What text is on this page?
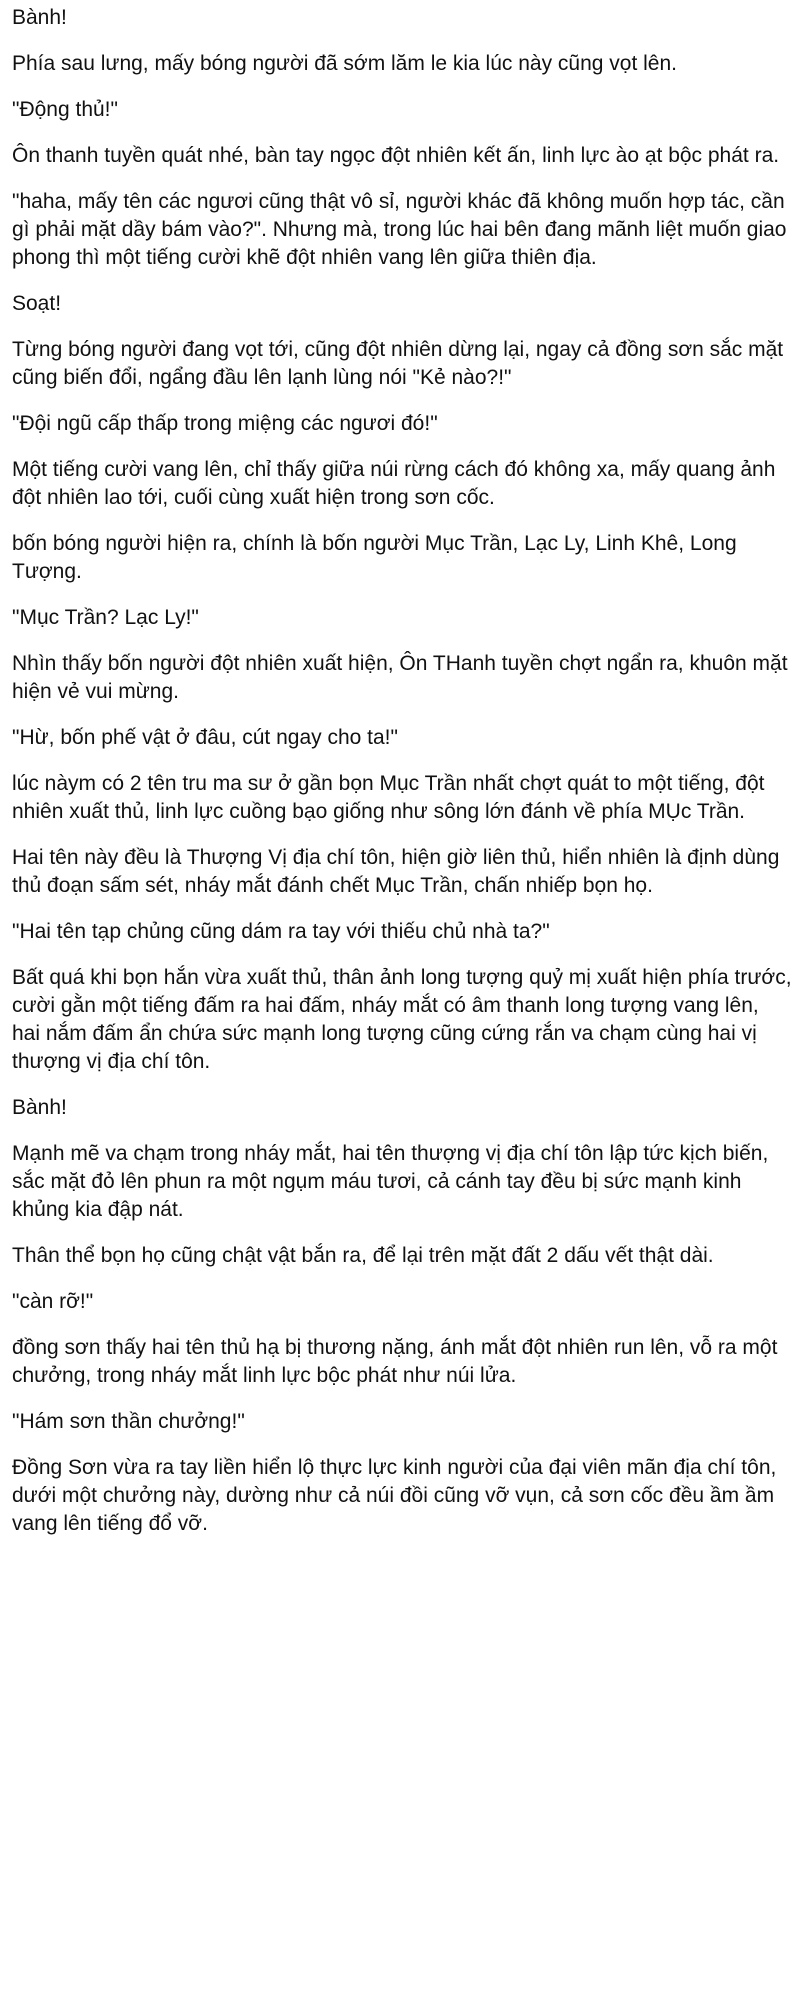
Bành!

Phía sau lưng, mấy bóng người đã sớm lăm le kia lúc này cũng vọt lên.

"Động thủ!"

Ôn thanh tuyền quát nhé, bàn tay ngọc đột nhiên kết ấn, linh lực ào ạt bộc phát ra.

"haha, mấy tên các ngươi cũng thật vô sỉ, người khác đã không muốn hợp tác, cần gì phải mặt dầy bám vào?". Nhưng mà, trong lúc hai bên đang mãnh liệt muốn giao phong thì một tiếng cười khẽ đột nhiên vang lên giữa thiên địa.

Soạt!

Từng bóng người đang vọt tới, cũng đột nhiên dừng lại, ngay cả đồng sơn sắc mặt cũng biến đổi, ngẩng đầu lên lạnh lùng nói "Kẻ nào?!"

"Đội ngũ cấp thấp trong miệng các ngươi đó!"

Một tiếng cười vang lên, chỉ thấy giữa núi rừng cách đó không xa, mấy quang ảnh đột nhiên lao tới, cuối cùng xuất hiện trong sơn cốc.

bốn bóng người hiện ra, chính là bốn người Mục Trần, Lạc Ly, Linh Khê, Long Tượng.

"Mục Trần? Lạc Ly!"

Nhìn thấy bốn người đột nhiên xuất hiện, Ôn THanh tuyền chợt ngẩn ra, khuôn mặt hiện vẻ vui mừng.

"Hừ, bốn phế vật ở đâu, cút ngay cho ta!"

lúc nàym có 2 tên tru ma sư ở gần bọn Mục Trần nhất chợt quát to một tiếng, đột nhiên xuất thủ, linh lực cuồng bạo giống như sông lớn đánh về phía MỤc Trần.

Hai tên này đều là Thượng Vị địa chí tôn, hiện giờ liên thủ, hiển nhiên là định dùng thủ đoạn sấm sét, nháy mắt đánh chết Mục Trần, chấn nhiếp bọn họ.

"Hai tên tạp chủng cũng dám ra tay với thiếu chủ nhà ta?"

Bất quá khi bọn hắn vừa xuất thủ, thân ảnh long tượng quỷ mị xuất hiện phía trước, cười gằn một tiếng đấm ra hai đấm, nháy mắt có âm thanh long tượng vang lên, hai nắm đấm ẩn chứa sức mạnh long tượng cũng cứng rắn va chạm cùng hai vị thượng vị địa chí tôn.

Bành!

Mạnh mẽ va chạm trong nháy mắt, hai tên thượng vị địa chí tôn lập tức kịch biến, sắc mặt đỏ lên phun ra một ngụm máu tươi, cả cánh tay đều bị sức mạnh kinh khủng kia đập nát.

Thân thể bọn họ cũng chật vật bắn ra, để lại trên mặt đất 2 dấu vết thật dài.

"càn rỡ!"

đồng sơn thấy hai tên thủ hạ bị thương nặng, ánh mắt đột nhiên run lên, vỗ ra một chưởng, trong nháy mắt linh lực bộc phát như núi lửa.

"Hám sơn thần chưởng!"

Đồng Sơn vừa ra tay liền hiển lộ thực lực kinh người của đại viên mãn địa chí tôn, dưới một chưởng này, dường như cả núi đồi cũng vỡ vụn, cả sơn cốc đều ầm ầm vang lên tiếng đổ vỡ.
